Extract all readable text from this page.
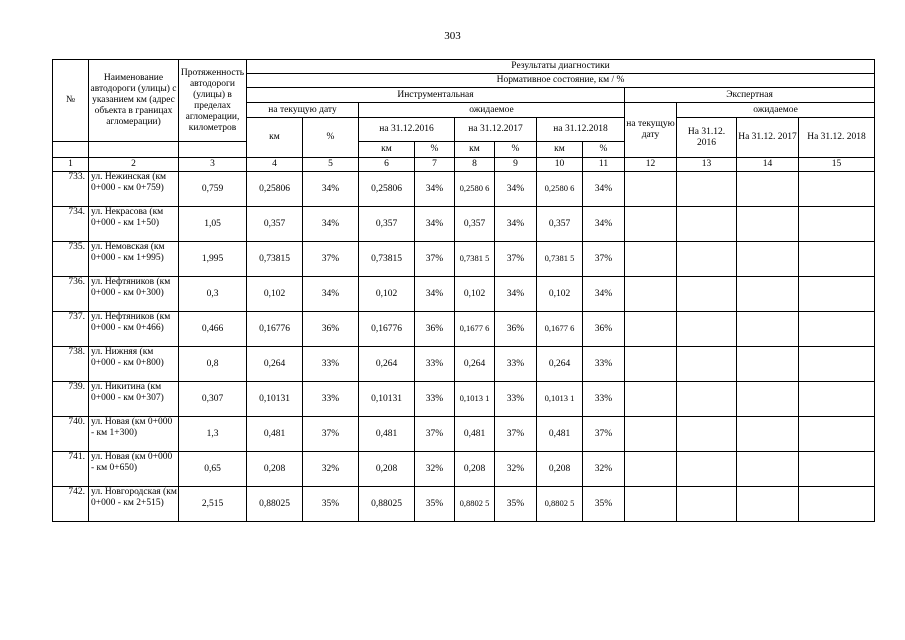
303
№	Наименование автодороги (улицы) с указанием км (адрес объекта в границах агломерации)	Протяженность автодороги (улицы) в пределах агломерации, километров	Результаты диагностики											
			Нормативное состояние, км / %											
			Инструментальная								Экспертная			
			на текущую дату		ожидаемое						на текущую дату	ожидаемое		
			км	%	на 31.12.2016		на 31.12.2017		на 31.12.2018			На 31.12. 2016	На 31.12. 2017	На 31.12. 2018
					км	%	км	%	км	%				
1	2	3	4	5	6	7	8	9	10	11	12	13	14	15
733.	ул. Нежинская (км 0+000 - км 0+759)	0,759	0,25806	34%	0,25806	34%	0,2580 6	34%	0,2580 6	34%				
734.	ул. Некрасова (км 0+000 - км 1+50)	1,05	0,357	34%	0,357	34%	0,357	34%	0,357	34%				
735.	ул. Немовская (км 0+000 - км 1+995)	1,995	0,73815	37%	0,73815	37%	0,7381 5	37%	0,7381 5	37%				
736.	ул. Нефтяников (км 0+000 - км 0+300)	0,3	0,102	34%	0,102	34%	0,102	34%	0,102	34%				
737.	ул. Нефтяников (км 0+000 - км 0+466)	0,466	0,16776	36%	0,16776	36%	0,1677 6	36%	0,1677 6	36%				
738.	ул. Нижняя (км 0+000 - км 0+800)	0,8	0,264	33%	0,264	33%	0,264	33%	0,264	33%				
739.	ул. Никитина (км 0+000 - км 0+307)	0,307	0,10131	33%	0,10131	33%	0,1013 1	33%	0,1013 1	33%				
740.	ул. Новая (км 0+000 - км 1+300)	1,3	0,481	37%	0,481	37%	0,481	37%	0,481	37%				
741.	ул. Новая (км 0+000 - км 0+650)	0,65	0,208	32%	0,208	32%	0,208	32%	0,208	32%				
742.	ул. Новгородская (км 0+000 - км 2+515)	2,515	0,88025	35%	0,88025	35%	0,8802 5	35%	0,8802 5	35%				
